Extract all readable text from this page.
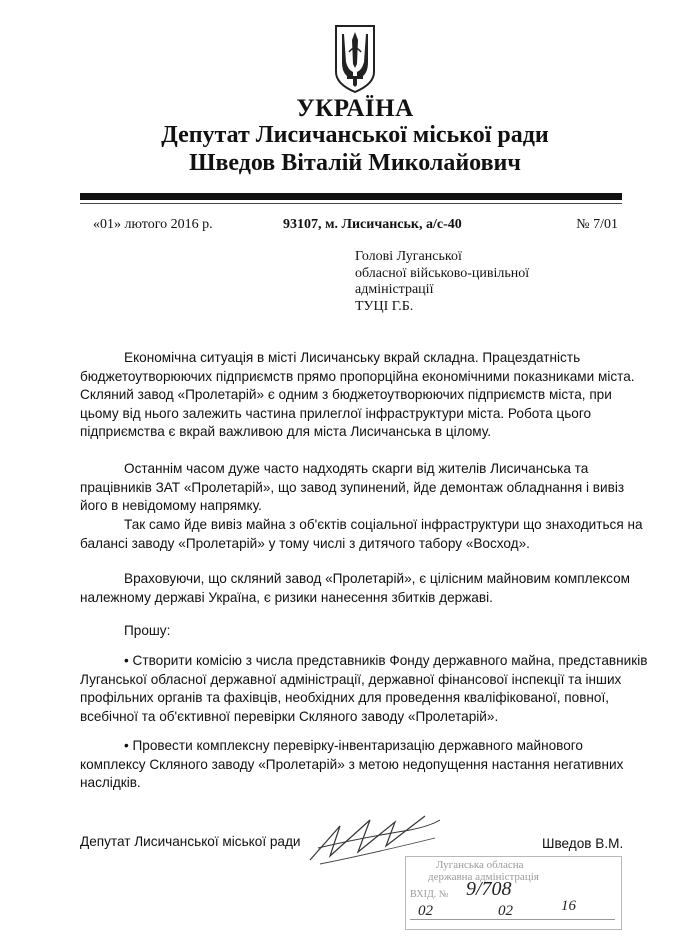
УКРАЇНА
Депутат Лисичанської міської ради
Шведов Віталій Миколайович
«01» лютого 2016 р.	93107, м. Лисичанськ, а/с-40	№ 7/01
Голові Луганської
обласної військово-цивільної
адміністрації
ТУЦІ Г.Б.
Економічна ситуація в місті Лисичанську вкрай складна. Працездатність
бюджетоутворюючих підприємств прямо пропорційна економічними показниками міста.
Скляний завод «Пролетарій» є одним з бюджетоутворюючих підприємств міста, при
цьому від нього залежить частина прилеглої інфраструктури міста. Робота цього
підприємства є вкрай важливою для міста Лисичанська в цілому.
Останнім часом дуже часто надходять скарги від жителів Лисичанська та
працівників ЗАТ «Пролетарій», що завод зупинений, йде демонтаж обладнання і вивіз
його в невідомому напрямку.
Так само йде вивіз майна з об'єктів соціальної інфраструктури що знаходиться на
балансі заводу «Пролетарій» у тому числі з дитячого табору «Восход».
Враховуючи, що скляний завод «Пролетарій», є цілісним майновим комплексом
належному державі Україна, є ризики нанесення збитків державі.
Прошу:
• Створити комісію з числа представників Фонду державного майна, представників
Луганської обласної державної адміністрації, державної фінансової інспекції та інших
профільних органів та фахівців, необхідних для проведення кваліфікованої, повної,
всебічної та об'єктивної перевірки Скляного заводу «Пролетарій».
• Провести комплексну перевірку-інвентаризацію державного майнового
комплексу Скляного заводу «Пролетарій» з метою недопущення настання негативних
наслідків.
Депутат Лисичанської міської ради	Шведов В.М.
Луганська обласна
державна адміністрація
ВХІД. № 9/708
02	02	16
